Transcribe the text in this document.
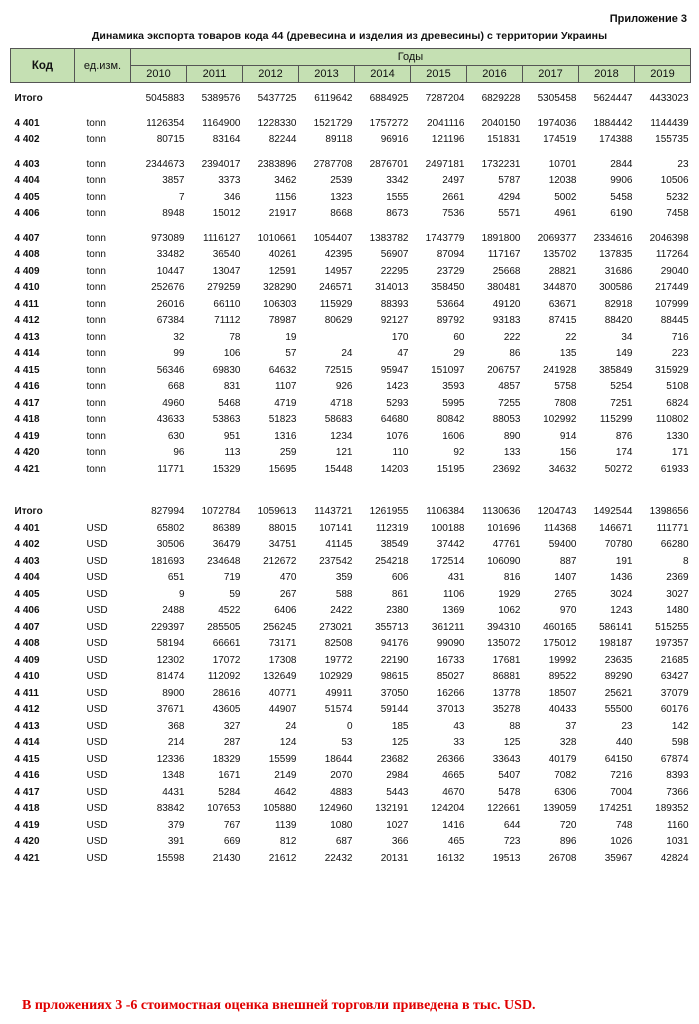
Приложение 3
Динамика экспорта товаров кода 44 (древесина и изделия из древесины) с территории Украины
Код	ед.изм.	Годы									
		2010	2011	2012	2013	2014	2015	2016	2017	2018	2019

Итого		5045883	5389576	5437725	6119642	6884925	7287204	6829228	5305458	5624447	4433023

4 401	tonn	1126354	1164900	1228330	1521729	1757272	2041116	2040150	1974036	1884442	1144439
4 402	tonn	80715	83164	82244	89118	96916	121196	151831	174519	174388	155735

4 403	tonn	2344673	2394017	2383896	2787708	2876701	2497181	1732231	10701	2844	23
4 404	tonn	3857	3373	3462	2539	3342	2497	5787	12038	9906	10506
4 405	tonn	7	346	1156	1323	1555	2661	4294	5002	5458	5232
4 406	tonn	8948	15012	21917	8668	8673	7536	5571	4961	6190	7458

4 407	tonn	973089	1116127	1010661	1054407	1383782	1743779	1891800	2069377	2334616	2046398
4 408	tonn	33482	36540	40261	42395	56907	87094	117167	135702	137835	117264
4 409	tonn	10447	13047	12591	14957	22295	23729	25668	28821	31686	29040
4 410	tonn	252676	279259	328290	246571	314013	358450	380481	344870	300586	217449
4 411	tonn	26016	66110	106303	115929	88393	53664	49120	63671	82918	107999
4 412	tonn	67384	71112	78987	80629	92127	89792	93183	87415	88420	88445
4 413	tonn	32	78	19		170	60	222	22	34	716
4 414	tonn	99	106	57	24	47	29	86	135	149	223
4 415	tonn	56346	69830	64632	72515	95947	151097	206757	241928	385849	315929
4 416	tonn	668	831	1107	926	1423	3593	4857	5758	5254	5108
4 417	tonn	4960	5468	4719	4718	5293	5995	7255	7808	7251	6824
4 418	tonn	43633	53863	51823	58683	64680	80842	88053	102992	115299	110802
4 419	tonn	630	951	1316	1234	1076	1606	890	914	876	1330
4 420	tonn	96	113	259	121	110	92	133	156	174	171
4 421	tonn	11771	15329	15695	15448	14203	15195	23692	34632	50272	61933

Итого		827994	1072784	1059613	1143721	1261955	1106384	1130636	1204743	1492544	1398656
4 401	USD	65802	86389	88015	107141	112319	100188	101696	114368	146671	111771
4 402	USD	30506	36479	34751	41145	38549	37442	47761	59400	70780	66280
4 403	USD	181693	234648	212672	237542	254218	172514	106090	887	191	8
4 404	USD	651	719	470	359	606	431	816	1407	1436	2369
4 405	USD	9	59	267	588	861	1106	1929	2765	3024	3027
4 406	USD	2488	4522	6406	2422	2380	1369	1062	970	1243	1480
4 407	USD	229397	285505	256245	273021	355713	361211	394310	460165	586141	515255
4 408	USD	58194	66661	73171	82508	94176	99090	135072	175012	198187	197357
4 409	USD	12302	17072	17308	19772	22190	16733	17681	19992	23635	21685
4 410	USD	81474	112092	132649	102929	98615	85027	86881	89522	89290	63427
4 411	USD	8900	28616	40771	49911	37050	16266	13778	18507	25621	37079
4 412	USD	37671	43605	44907	51574	59144	37013	35278	40433	55500	60176
4 413	USD	368	327	24	0	185	43	88	37	23	142
4 414	USD	214	287	124	53	125	33	125	328	440	598
4 415	USD	12336	18329	15599	18644	23682	26366	33643	40179	64150	67874
4 416	USD	1348	1671	2149	2070	2984	4665	5407	7082	7216	8393
4 417	USD	4431	5284	4642	4883	5443	4670	5478	6306	7004	7366
4 418	USD	83842	107653	105880	124960	132191	124204	122661	139059	174251	189352
4 419	USD	379	767	1139	1080	1027	1416	644	720	748	1160
4 420	USD	391	669	812	687	366	465	723	896	1026	1031
4 421	USD	15598	21430	21612	22432	20131	16132	19513	26708	35967	42824
В прложениях 3 -6 стоимостная оценка внешней торговли приведена в тыс. USD.
